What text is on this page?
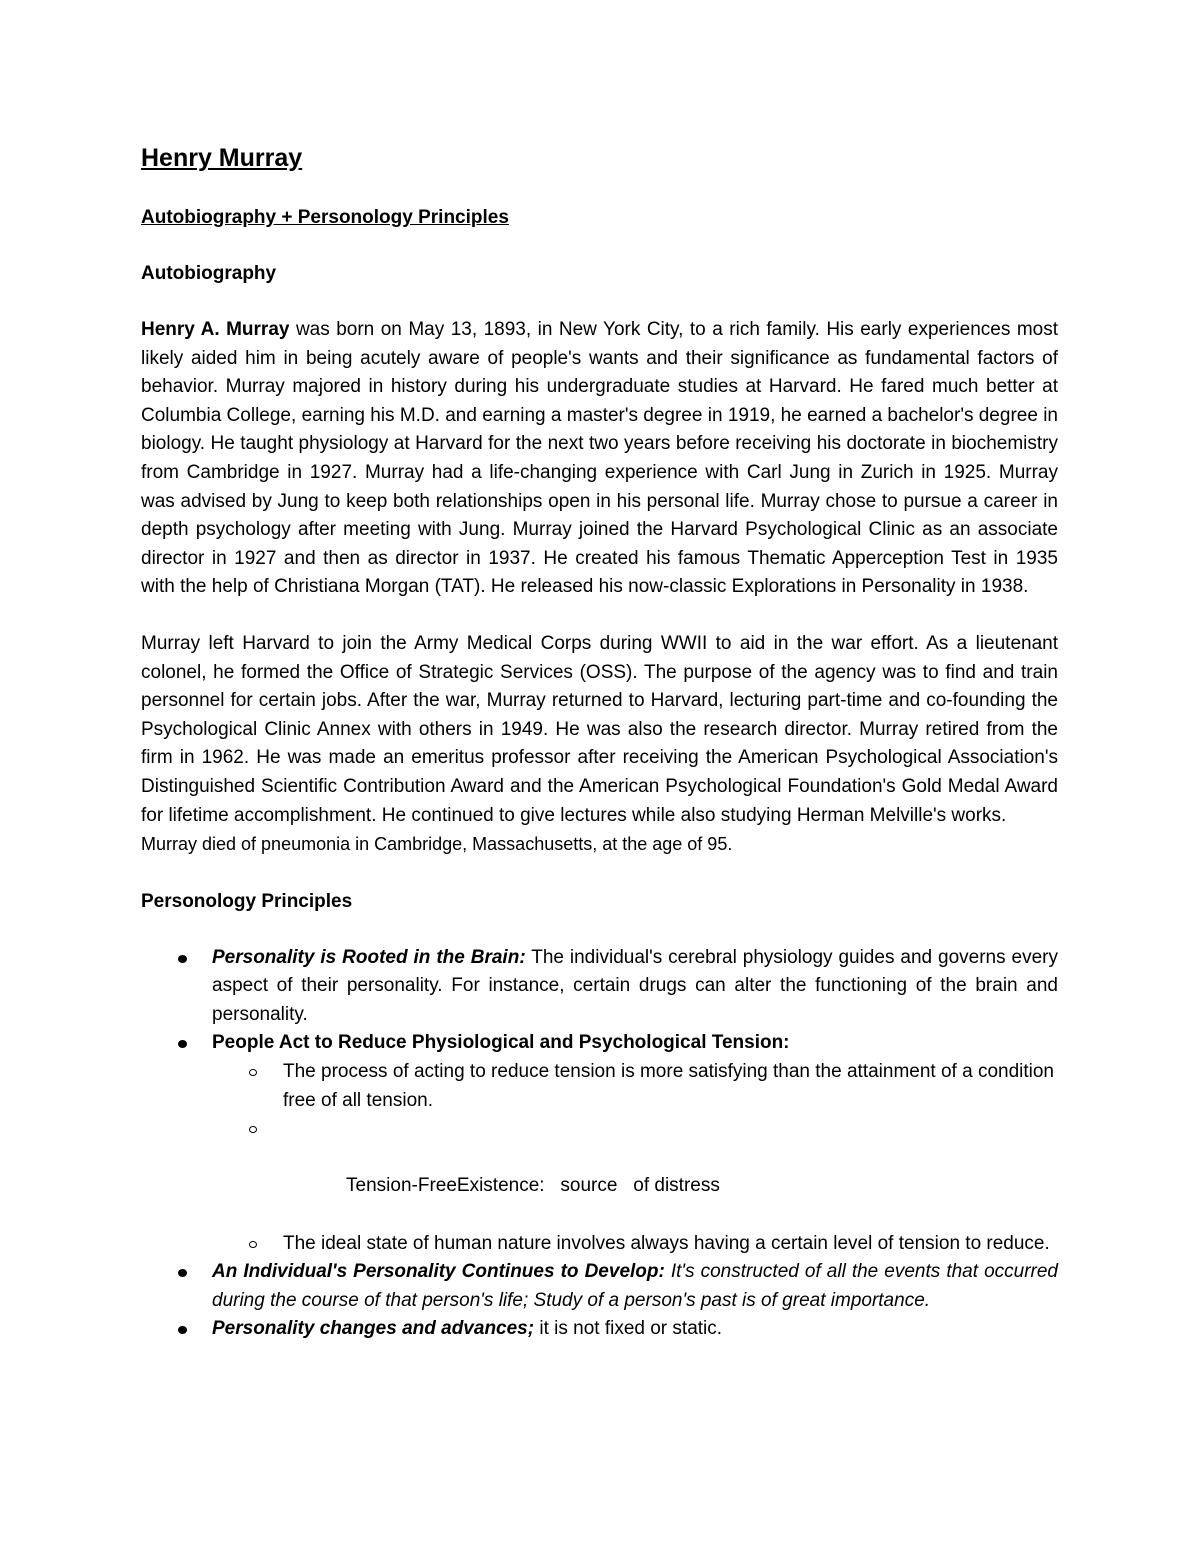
Henry Murray
Autobiography + Personology Principles
Autobiography

Henry A. Murray was born on May 13, 1893, in New York City, to a rich family. His early experiences most likely aided him in being acutely aware of people's wants and their significance as fundamental factors of behavior. Murray majored in history during his undergraduate studies at Harvard. He fared much better at Columbia College, earning his M.D. and earning a master's degree in 1919, he earned a bachelor's degree in biology. He taught physiology at Harvard for the next two years before receiving his doctorate in biochemistry from Cambridge in 1927. Murray had a life-changing experience with Carl Jung in Zurich in 1925. Murray was advised by Jung to keep both relationships open in his personal life. Murray chose to pursue a career in depth psychology after meeting with Jung. Murray joined the Harvard Psychological Clinic as an associate director in 1927 and then as director in 1937. He created his famous Thematic Apperception Test in 1935 with the help of Christiana Morgan (TAT). He released his now-classic Explorations in Personality in 1938.

Murray left Harvard to join the Army Medical Corps during WWII to aid in the war effort. As a lieutenant colonel, he formed the Office of Strategic Services (OSS). The purpose of the agency was to find and train personnel for certain jobs. After the war, Murray returned to Harvard, lecturing part-time and co-founding the Psychological Clinic Annex with others in 1949. He was also the research director. Murray retired from the firm in 1962. He was made an emeritus professor after receiving the American Psychological Association's Distinguished Scientific Contribution Award and the American Psychological Foundation's Gold Medal Award for lifetime accomplishment. He continued to give lectures while also studying Herman Melville's works.
Murray died of pneumonia in Cambridge, Massachusetts, at the age of 95.

Personology Principles
Personality is Rooted in the Brain: The individual's cerebral physiology guides and governs every aspect of their personality. For instance, certain drugs can alter the functioning of the brain and personality.
People Act to Reduce Physiological and Psychological Tension:
The process of acting to reduce tension is more satisfying than the attainment of a condition free of all tension.

Tension-FreeExistence:   source   of distress

The ideal state of human nature involves always having a certain level of tension to reduce.
An Individual's Personality Continues to Develop: It's constructed of all the events that occurred during the course of that person's life; Study of a person's past is of great importance.
Personality changes and advances; it is not fixed or static.
